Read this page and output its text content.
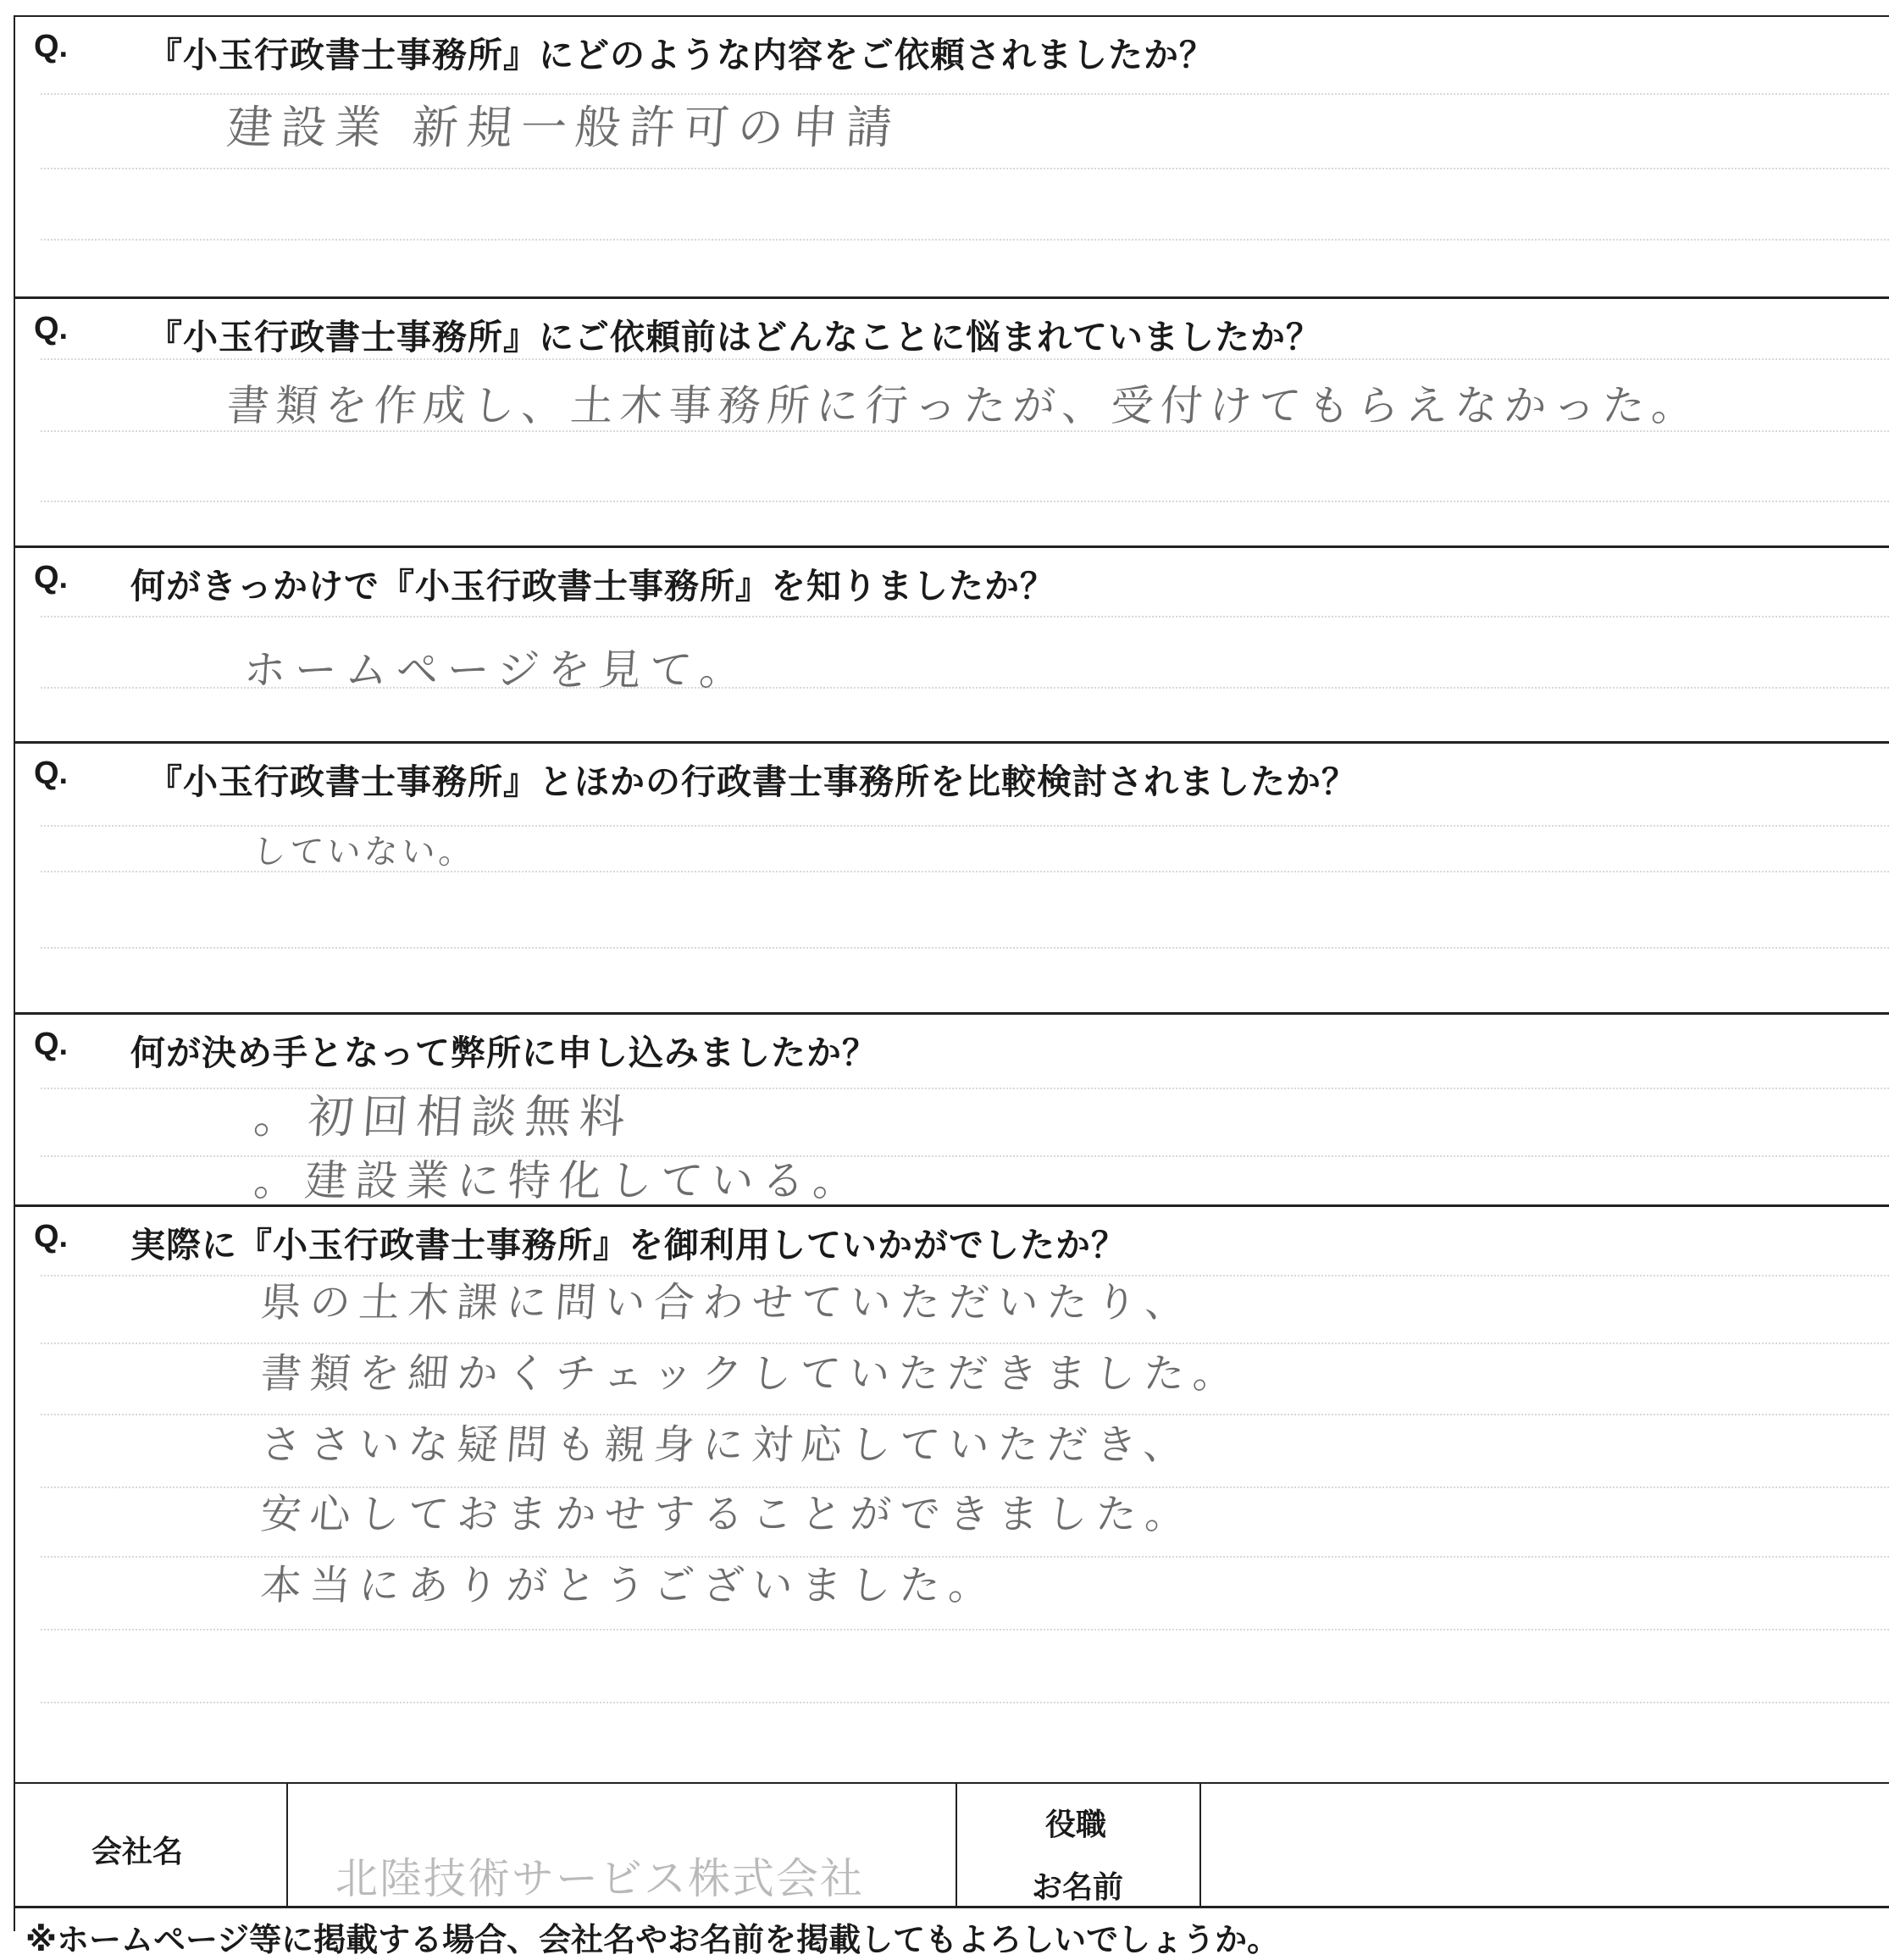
Q. 『小玉行政書士事務所』にどのような内容をご依頼されましたか？
建設業 新規一般許可の申請
Q. 『小玉行政書士事務所』にご依頼前はどんなことに悩まれていましたか？
書類を作成し、土木事務所に行ったが、受付けてもらえなかった。
Q. 何がきっかけで『小玉行政書士事務所』を知りましたか？
ホームページを見て。
Q. 『小玉行政書士事務所』とほかの行政書士事務所を比較検討されましたか？
していない。
Q. 何が決め手となって弊所に申し込みましたか？
。初回相談無料
。建設業に特化している。
Q. 実際に『小玉行政書士事務所』を御利用していかがでしたか？
県の土木課に問い合わせていただいたり、
書類を細かくチェックしていただきました。
ささいな疑問も親身に対応していただき、
安心しておまかせすることができました。
本当にありがとうございました。
会社名
北陸技術サービス株式会社
役職
お名前
※ホームページ等に掲載する場合、会社名やお名前を掲載してもよろしいでしょうか。
